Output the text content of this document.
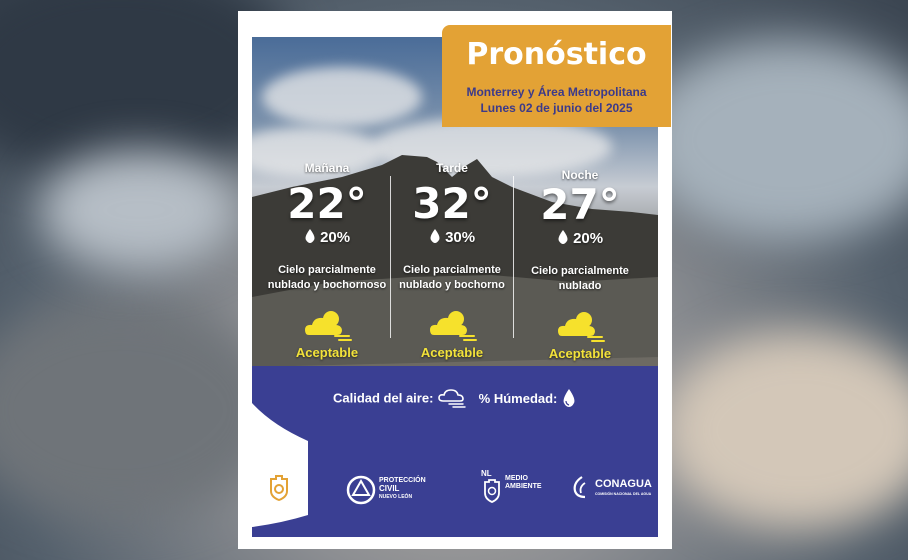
Pronóstico
Monterrey y Área Metropolitana
Lunes 02 de junio del 2025
Mañana
22°
20%
Cielo parcialmente
nublado y bochornoso
Aceptable
Tarde
32°
30%
Cielo parcialmente
nublado y bochorno
Aceptable
Noche
27°
20%
Cielo parcialmente
nublado
Aceptable
Calidad del aire:	% Húmedad:
PROTECCIÓN
CIVIL
NUEVO LEÓN
NL
MEDIO
AMBIENTE	CONAGUA
COMISIÓN NACIONAL DEL AGUA
